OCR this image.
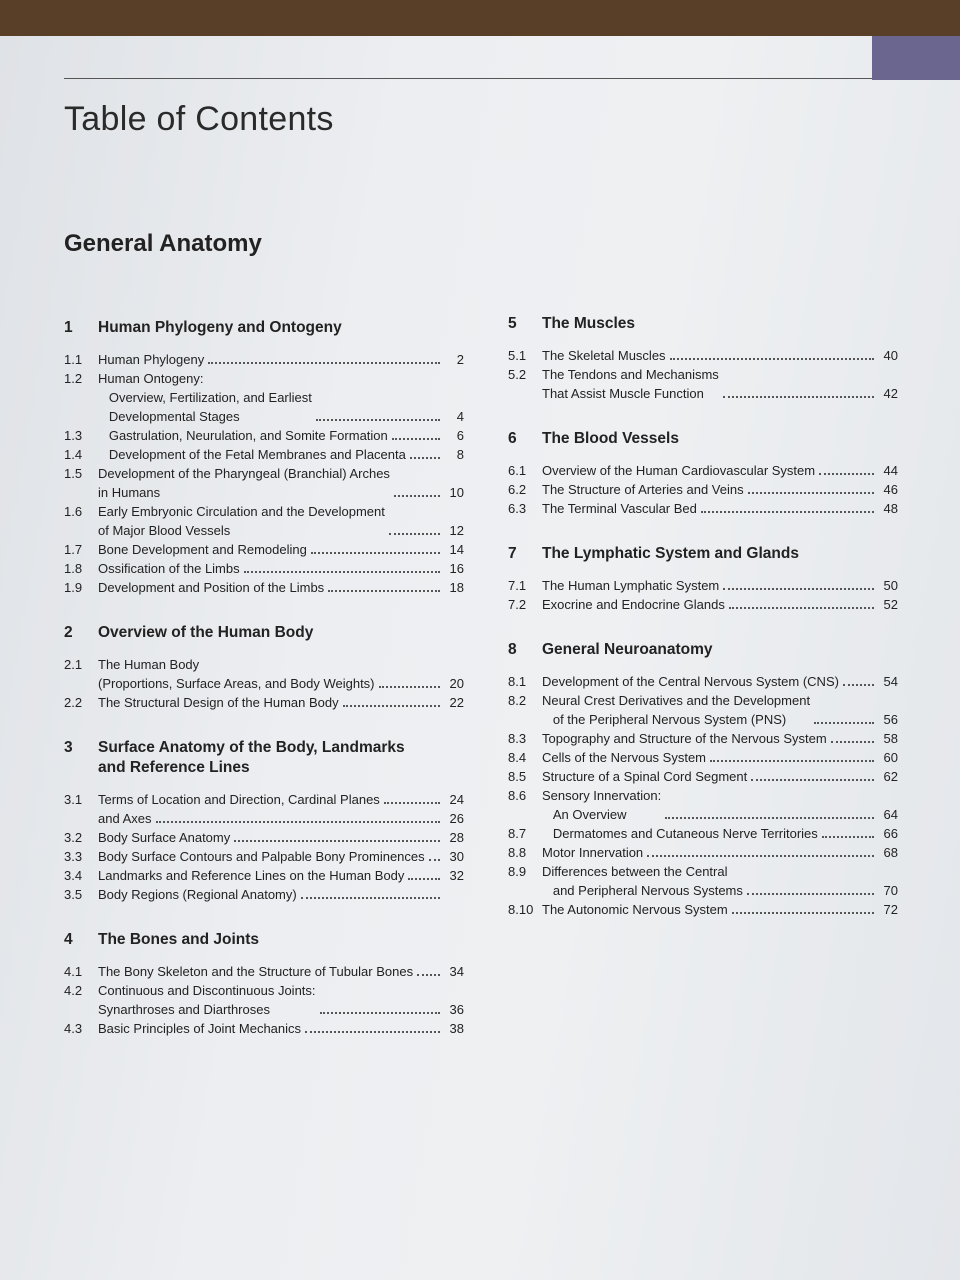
Table of Contents
General Anatomy
1	Human Phylogeny and Ontogeny
1.1	Human Phylogeny	2
1.2	Human Ontogeny:
Overview, Fertilization, and Earliest
Developmental Stages	4
1.3	Gastrulation, Neurulation, and Somite Formation	6
1.4	Development of the Fetal Membranes and Placenta	8
1.5	Development of the Pharyngeal (Branchial) Arches
in Humans	10
1.6	Early Embryonic Circulation and the Development
of Major Blood Vessels	12
1.7	Bone Development and Remodeling	14
1.8	Ossification of the Limbs	16
1.9	Development and Position of the Limbs	18
2	Overview of the Human Body
2.1	The Human Body
(Proportions, Surface Areas, and Body Weights)	20
2.2	The Structural Design of the Human Body	22
3	Surface Anatomy of the Body, Landmarks
and Reference Lines
3.1	Terms of Location and Direction, Cardinal Planes	24
and Axes	26
3.2	Body Surface Anatomy	28
3.3	Body Surface Contours and Palpable Bony Prominences	30
3.4	Landmarks and Reference Lines on the Human Body	32
3.5	Body Regions (Regional Anatomy)
4	The Bones and Joints
4.1	The Bony Skeleton and the Structure of Tubular Bones	34
4.2	Continuous and Discontinuous Joints:
Synarthroses and Diarthroses	36
4.3	Basic Principles of Joint Mechanics	38
5	The Muscles
5.1	The Skeletal Muscles	40
5.2	The Tendons and Mechanisms
That Assist Muscle Function	42
6	The Blood Vessels
6.1	Overview of the Human Cardiovascular System	44
6.2	The Structure of Arteries and Veins	46
6.3	The Terminal Vascular Bed	48
7	The Lymphatic System and Glands
7.1	The Human Lymphatic System	50
7.2	Exocrine and Endocrine Glands	52
8	General Neuroanatomy
8.1	Development of the Central Nervous System (CNS)	54
8.2	Neural Crest Derivatives and the Development
of the Peripheral Nervous System (PNS)	56
8.3	Topography and Structure of the Nervous System	58
8.4	Cells of the Nervous System	60
8.5	Structure of a Spinal Cord Segment	62
8.6	Sensory Innervation:
An Overview	64
8.7	Dermatomes and Cutaneous Nerve Territories	66
8.8	Motor Innervation	68
8.9	Differences between the Central
and Peripheral Nervous Systems	70
8.10 The Autonomic Nervous System	72
